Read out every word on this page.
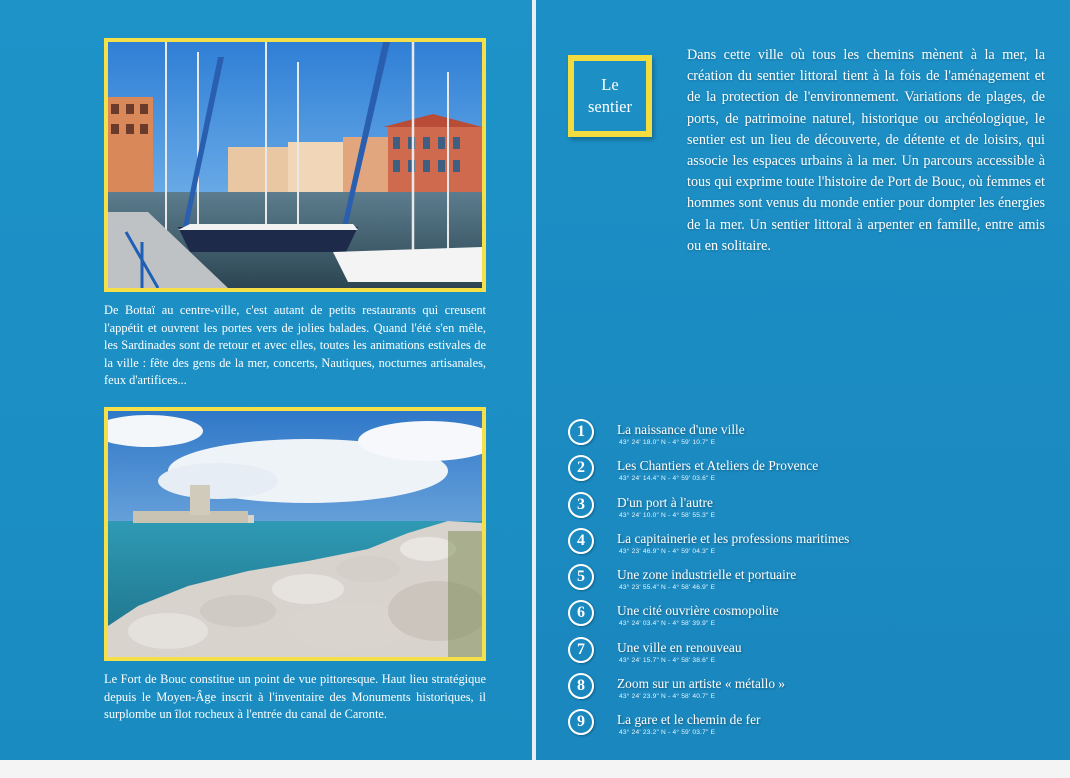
De Bottaï au centre-ville, c'est autant de petits restaurants qui creusent l'appétit et ouvrent les portes vers de jolies balades. Quand l'été s'en mêle, les Sardinades sont de retour et avec elles, toutes les animations estivales de la ville : fête des gens de la mer, concerts, Nautiques, nocturnes artisanales, feux d'artifices...
Le Fort de Bouc constitue un point de vue pittoresque. Haut lieu stratégique depuis le Moyen-Âge inscrit à l'inventaire des Monuments historiques, il surplombe un îlot rocheux à l'entrée du canal de Caronte.
Le
sentier
Dans cette ville où tous les chemins mènent à la mer, la création du sentier littoral tient à la fois de l'aménagement et de la protection de l'environnement. Variations de plages, de ports, de patrimoine naturel, historique ou archéologique, le sentier est un lieu de découverte, de détente et de loisirs, qui associe les espaces urbains à la mer. Un parcours accessible à tous qui exprime toute l'histoire de Port de Bouc, où femmes et hommes sont venus du monde entier pour dompter les énergies de la mer. Un sentier littoral à arpenter en famille, entre amis ou en solitaire.
1	La naissance d'une ville
43° 24' 18.0" N - 4° 59' 10.7" E
2	Les Chantiers et Ateliers de Provence
43° 24' 14.4" N - 4° 59' 03.6" E
3	D'un port à l'autre
43° 24' 10.0" N - 4° 58' 55.3" E
4	La capitainerie et les professions maritimes
43° 23' 46.9" N - 4° 59' 04.3" E
5	Une zone industrielle et portuaire
43° 23' 55.4" N - 4° 58' 46.9" E
6	Une cité ouvrière cosmopolite
43° 24' 03.4" N - 4° 58' 39.9" E
7	Une ville en renouveau
43° 24' 15.7" N - 4° 58' 38.6" E
8	Zoom sur un artiste « métallo »
43° 24' 23.9" N - 4° 58' 40.7" E
9	La gare et le chemin de fer
43° 24' 23.2" N - 4° 59' 03.7" E
